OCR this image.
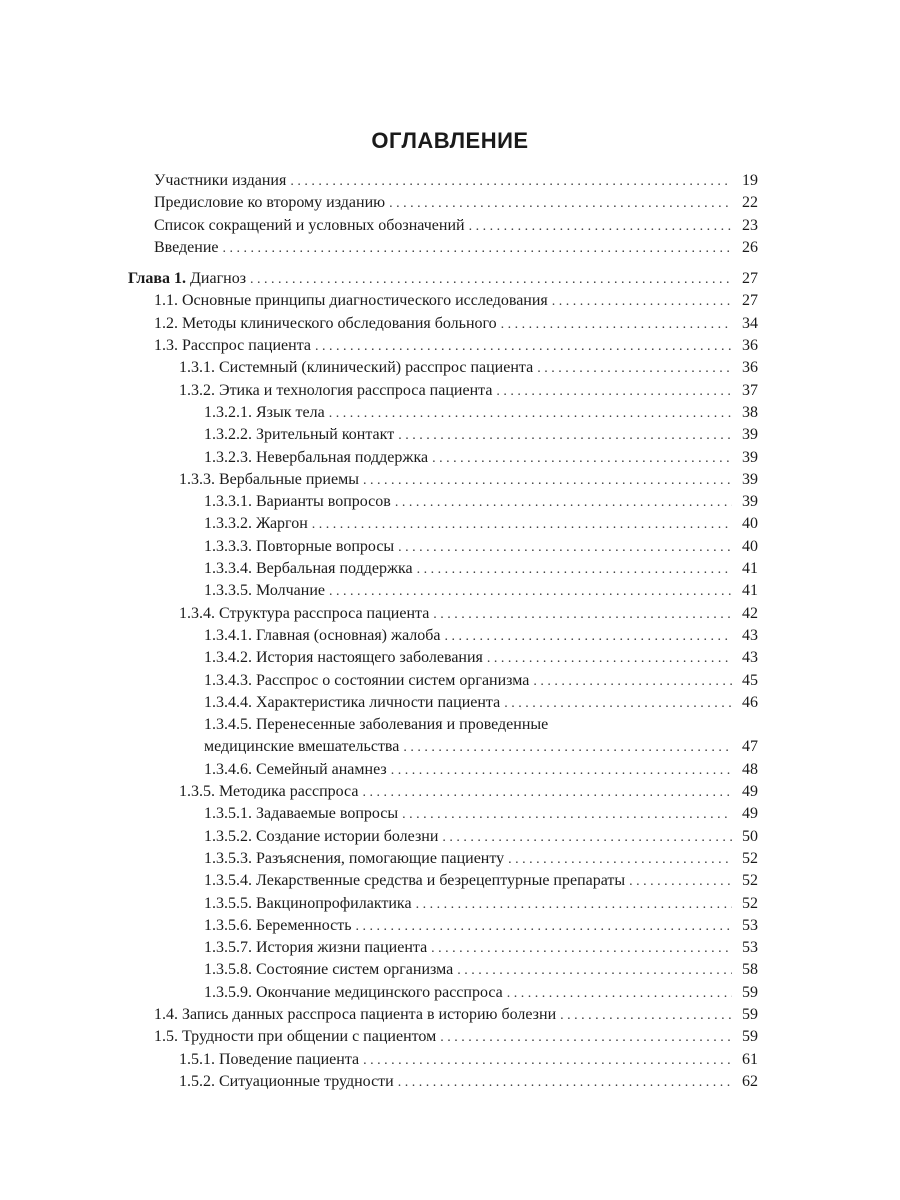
ОГЛАВЛЕНИЕ
Участники издания . . .	19
Предисловие ко второму изданию . . .	22
Список сокращений и условных обозначений . . .	23
Введение . . .	26
Глава 1. Диагноз . . .	27
1.1. Основные принципы диагностического исследования . . .	27
1.2. Методы клинического обследования больного . . .	34
1.3. Расспрос пациента . . .	36
1.3.1. Системный (клинический) расспрос пациента . . .	36
1.3.2. Этика и технология расспроса пациента . . .	37
1.3.2.1. Язык тела . . .	38
1.3.2.2. Зрительный контакт . . .	39
1.3.2.3. Невербальная поддержка . . .	39
1.3.3. Вербальные приемы . . .	39
1.3.3.1. Варианты вопросов . . .	39
1.3.3.2. Жаргон . . .	40
1.3.3.3. Повторные вопросы . . .	40
1.3.3.4. Вербальная поддержка . . .	41
1.3.3.5. Молчание . . .	41
1.3.4. Структура расспроса пациента . . .	42
1.3.4.1. Главная (основная) жалоба . . .	43
1.3.4.2. История настоящего заболевания . . .	43
1.3.4.3. Расспрос о состоянии систем организма . . .	45
1.3.4.4. Характеристика личности пациента . . .	46
1.3.4.5. Перенесенные заболевания и проведенные
медицинские вмешательства . . .	47
1.3.4.6. Семейный анамнез . . .	48
1.3.5. Методика расспроса . . .	49
1.3.5.1. Задаваемые вопросы . . .	49
1.3.5.2. Создание истории болезни . . .	50
1.3.5.3. Разъяснения, помогающие пациенту . . .	52
1.3.5.4. Лекарственные средства и безрецептурные препараты . . .	52
1.3.5.5. Вакцинопрофилактика . . .	52
1.3.5.6. Беременность . . .	53
1.3.5.7. История жизни пациента . . .	53
1.3.5.8. Состояние систем организма . . .	58
1.3.5.9. Окончание медицинского расспроса . . .	59
1.4. Запись данных расспроса пациента в историю болезни . . .	59
1.5. Трудности при общении с пациентом . . .	59
1.5.1. Поведение пациента . . .	61
1.5.2. Ситуационные трудности . . .	62
